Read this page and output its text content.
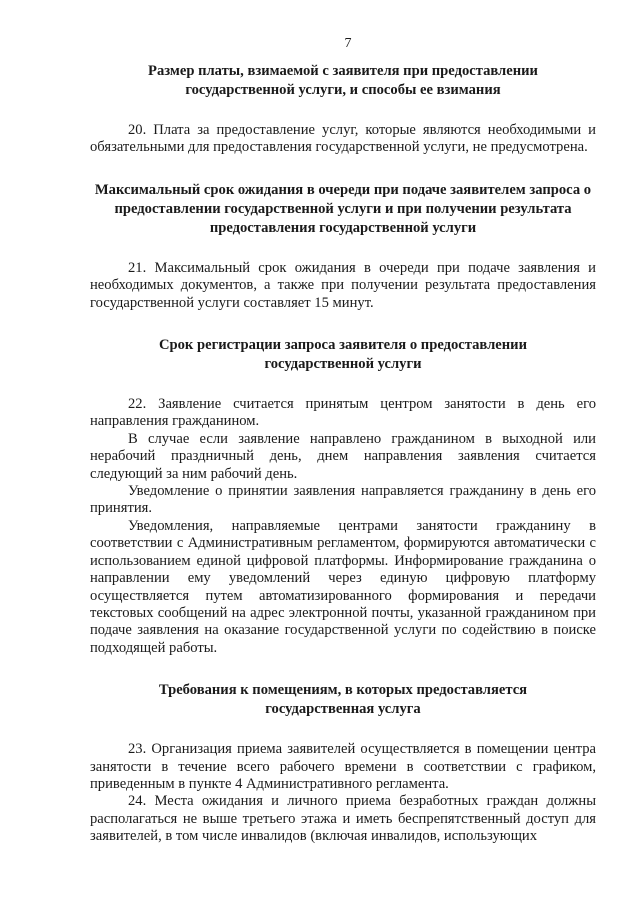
7
Размер платы, взимаемой с заявителя при предоставлении государственной услуги, и способы ее взимания

20. Плата за предоставление услуг, которые являются необходимыми и обязательными для предоставления государственной услуги, не предусмотрена.

Максимальный срок ожидания в очереди при подаче заявителем запроса о предоставлении государственной услуги и при получении результата предоставления государственной услуги

21. Максимальный срок ожидания в очереди при подаче заявления и необходимых документов, а также при получении результата предоставления государственной услуги составляет 15 минут.

Срок регистрации запроса заявителя о предоставлении государственной услуги

22. Заявление считается принятым центром занятости в день его направления гражданином.

В случае если заявление направлено гражданином в выходной или нерабочий праздничный день, днем направления заявления считается следующий за ним рабочий день.

Уведомление о принятии заявления направляется гражданину в день его принятия.

Уведомления, направляемые центрами занятости гражданину в соответствии с Административным регламентом, формируются автоматически с использованием единой цифровой платформы. Информирование гражданина о направлении ему уведомлений через единую цифровую платформу осуществляется путем автоматизированного формирования и передачи текстовых сообщений на адрес электронной почты, указанной гражданином при подаче заявления на оказание государственной услуги по содействию в поиске подходящей работы.

Требования к помещениям, в которых предоставляется государственная услуга

23. Организация приема заявителей осуществляется в помещении центра занятости в течение всего рабочего времени в соответствии с графиком, приведенным в пункте 4 Административного регламента.

24. Места ожидания и личного приема безработных граждан должны располагаться не выше третьего этажа и иметь беспрепятственный доступ для заявителей, в том числе инвалидов (включая инвалидов, использующих
